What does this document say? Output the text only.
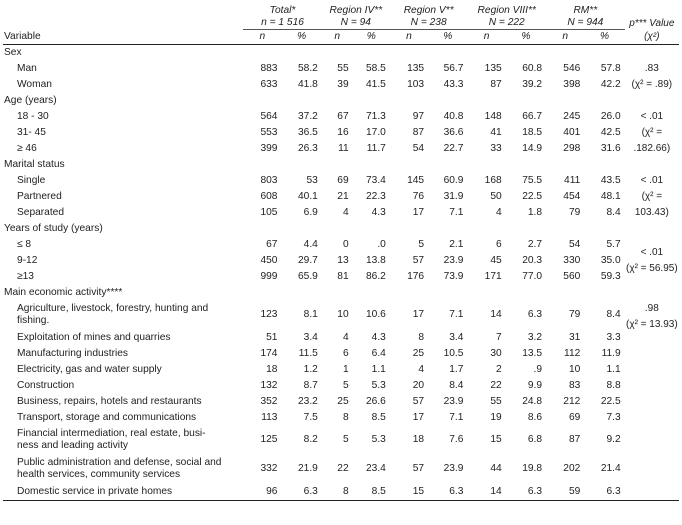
	Total*		Region IV**		Region V**		Region VIII**		RM**		p*** Value
	n = 1 516		N = 94		N = 238		N = 222		N = 944		
Variable	n	%	n	%	n	%	n	%	n	%	(χ²)
Sex											
Man	883	58.2	55	58.5	135	56.7	135	60.8	546	57.8	.83
(χ² = .89)

Woman	633	41.8	39	41.5	103	43.3	87	39.2	398	42.2	
Age (years)											
18 - 30	564	37.2	67	71.3	97	40.8	148	66.7	245	26.0	< .01
(χ² = .182.66)

31- 45	553	36.5	16	17.0	87	36.6	41	18.5	401	42.5	
≥ 46	399	26.3	11	11.7	54	22.7	33	14.9	298	31.6	
Marital status											
Single	803	53	69	73.4	145	60.9	168	75.5	411	43.5	< .01
(χ² = 103.43)

Partnered	608	40.1	21	22.3	76	31.9	50	22.5	454	48.1	
Separated	105	6.9	4	4.3	17	7.1	4	1.8	79	8.4	
Years of study (years)											
≤ 8	67	4.4	0	.0	5	2.1	6	2.7	54	5.7	< .01
(χ² = 56.95)

9-12	450	29.7	13	13.8	57	23.9	45	20.3	330	35.0	
≥13	999	65.9	81	86.2	176	73.9	171	77.0	560	59.3	
Main economic activity****											
Agriculture, livestock, forestry, hunting and fishing.	123	8.1	10	10.6	17	7.1	14	6.3	79	8.4	.98
(χ² = 13.93)

Exploitation of mines and quarries	51	3.4	4	4.3	8	3.4	7	3.2	31	3.3	
Manufacturing industries	174	11.5	6	6.4	25	10.5	30	13.5	112	11.9	
Electricity, gas and water supply	18	1.2	1	1.1	4	1.7	2	.9	10	1.1	
Construction	132	8.7	5	5.3	20	8.4	22	9.9	83	8.8	
Business, repairs, hotels and restaurants	352	23.2	25	26.6	57	23.9	55	24.8	212	22.5	
Transport, storage and communications	113	7.5	8	8.5	17	7.1	19	8.6	69	7.3	
Financial intermediation, real estate, busi-
ness and leading activity	125	8.2	5	5.3	18	7.6	15	6.8	87	9.2	
Public administration and defense, social and health services, community services	332	21.9	22	23.4	57	23.9	44	19.8	202	21.4	
Domestic service in private homes	96	6.3	8	8.5	15	6.3	14	6.3	59	6.3	
